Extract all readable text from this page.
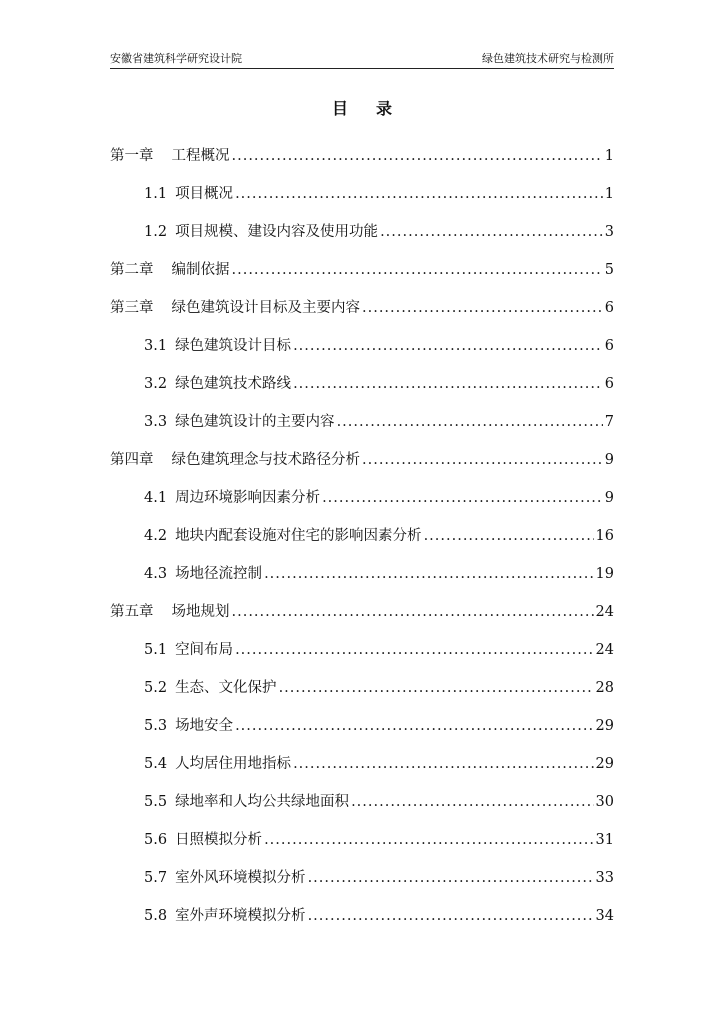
安徽省建筑科学研究设计院	绿色建筑技术研究与检测所
目录
第一章 工程概况 .....	1
1.1 项目概况 .....	1
1.2 项目规模、建设内容及使用功能 .....	3
第二章 编制依据 .....	5
第三章 绿色建筑设计目标及主要内容 .....	6
3.1 绿色建筑设计目标 .....	6
3.2 绿色建筑技术路线 .....	6
3.3 绿色建筑设计的主要内容 .....	7
第四章 绿色建筑理念与技术路径分析 .....	9
4.1 周边环境影响因素分析 .....	9
4.2 地块内配套设施对住宅的影响因素分析 .....	16
4.3 场地径流控制 .....	19
第五章 场地规划 .....	24
5.1 空间布局 .....	24
5.2 生态、文化保护 .....	28
5.3 场地安全 .....	29
5.4 人均居住用地指标 .....	29
5.5 绿地率和人均公共绿地面积 .....	30
5.6 日照模拟分析 .....	31
5.7 室外风环境模拟分析 .....	33
5.8 室外声环境模拟分析 .....	34
